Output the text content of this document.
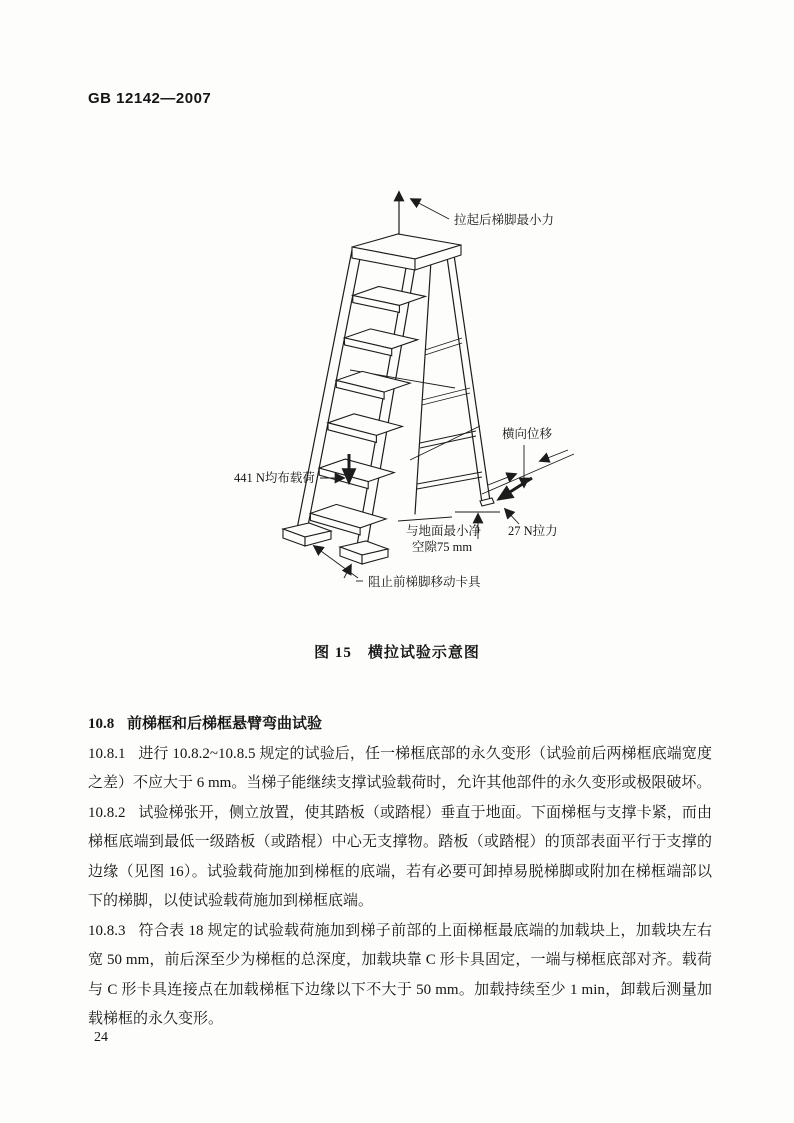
GB 12142—2007
拉起后梯脚最小力
441 N均布载荷
横向位移
27 N拉力
与地面最小净
空隙75 mm
阻止前梯脚移动卡具
图 15　横拉试验示意图

10.8 前梯框和后梯框悬臂弯曲试验

10.8.1 进行 10.8.2~10.8.5 规定的试验后，任一梯框底部的永久变形（试验前后两梯框底端宽度之差）不应大于 6 mm。当梯子能继续支撑试验载荷时，允许其他部件的永久变形或极限破坏。

10.8.2 试验梯张开，侧立放置，使其踏板（或踏棍）垂直于地面。下面梯框与支撑卡紧，而由梯框底端到最低一级踏板（或踏棍）中心无支撑物。踏板（或踏棍）的顶部表面平行于支撑的边缘（见图 16）。试验载荷施加到梯框的底端，若有必要可卸掉易脱梯脚或附加在梯框端部以下的梯脚，以使试验载荷施加到梯框底端。

10.8.3 符合表 18 规定的试验载荷施加到梯子前部的上面梯框最底端的加载块上，加载块左右宽 50 mm，前后深至少为梯框的总深度，加载块靠 C 形卡具固定，一端与梯框底部对齐。载荷与 C 形卡具连接点在加载梯框下边缘以下不大于 50 mm。加载持续至少 1 min，卸载后测量加载梯框的永久变形。

24
